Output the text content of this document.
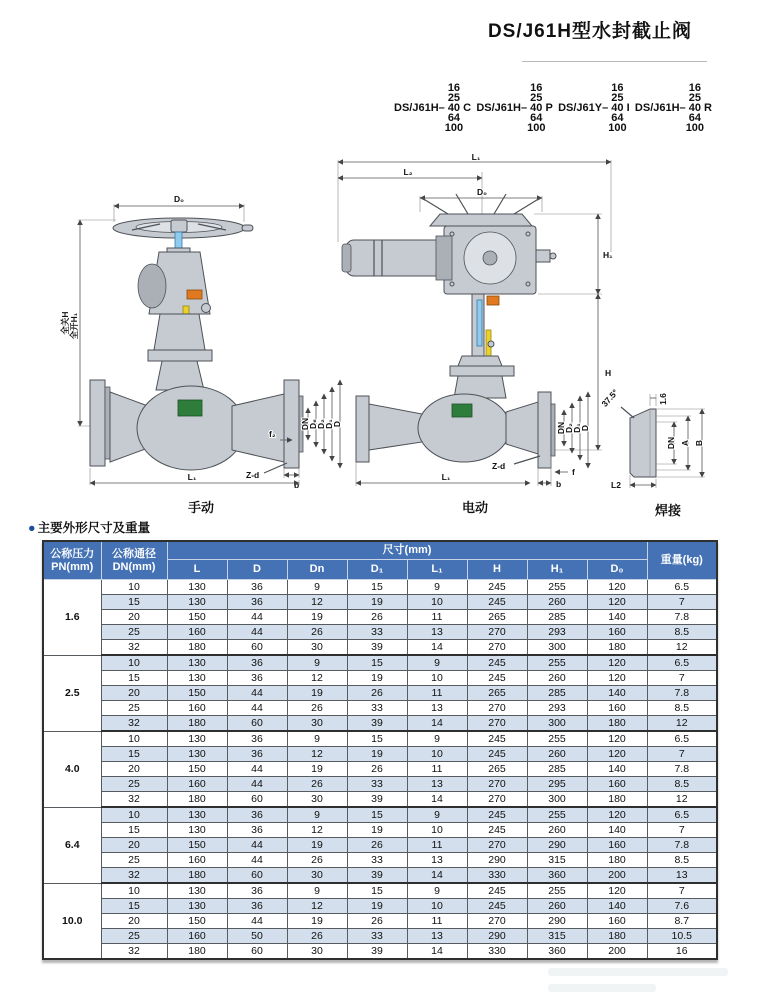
DS/J61H型水封截止阀
DS/J61H–
16
25
40
64
100
C DS/J61H–
16
25
40
64
100
P DS/J61Y–
16
25
40
64
100
I DS/J61H–
16
25
40
64
100
R
D₀
全关H 全开H₁
DN
D₆
D₂
D₁
D
f₂
Z-d
b
L₁
手动
L₁
L₂
D₀
H₁
H
DN
D₂
D₁
D
Z-d
f
b
L₁
电动
37.5°	1.6
DN A B
L2
焊接
● 主要外形尺寸及重量
公称压力
PN(mm)

公称通径
DN(mm)
	尺寸(mm)	重量(kg)
		L	D	Dn	D₁	L₁	H	H₁	D₀	
1.6	10	130	36	9	15	9	245	255	120	6.5
	15	130	36	12	19	10	245	260	120	7
	20	150	44	19	26	11	265	285	140	7.8
	25	160	44	26	33	13	270	293	160	8.5
	32	180	60	30	39	14	270	300	180	12
2.5	10	130	36	9	15	9	245	255	120	6.5
	15	130	36	12	19	10	245	260	120	7
	20	150	44	19	26	11	265	285	140	7.8
	25	160	44	26	33	13	270	293	160	8.5
	32	180	60	30	39	14	270	300	180	12
4.0	10	130	36	9	15	9	245	255	120	6.5
	15	130	36	12	19	10	245	260	120	7
	20	150	44	19	26	11	265	285	140	7.8
	25	160	44	26	33	13	270	295	160	8.5
	32	180	60	30	39	14	270	300	180	12
6.4	10	130	36	9	15	9	245	255	120	6.5
	15	130	36	12	19	10	245	260	140	7
	20	150	44	19	26	11	270	290	160	7.8
	25	160	44	26	33	13	290	315	180	8.5
	32	180	60	30	39	14	330	360	200	13
10.0	10	130	36	9	15	9	245	255	120	7
	15	130	36	12	19	10	245	260	140	7.6
	20	150	44	19	26	11	270	290	160	8.7
	25	160	50	26	33	13	290	315	180	10.5
	32	180	60	30	39	14	330	360	200	16
